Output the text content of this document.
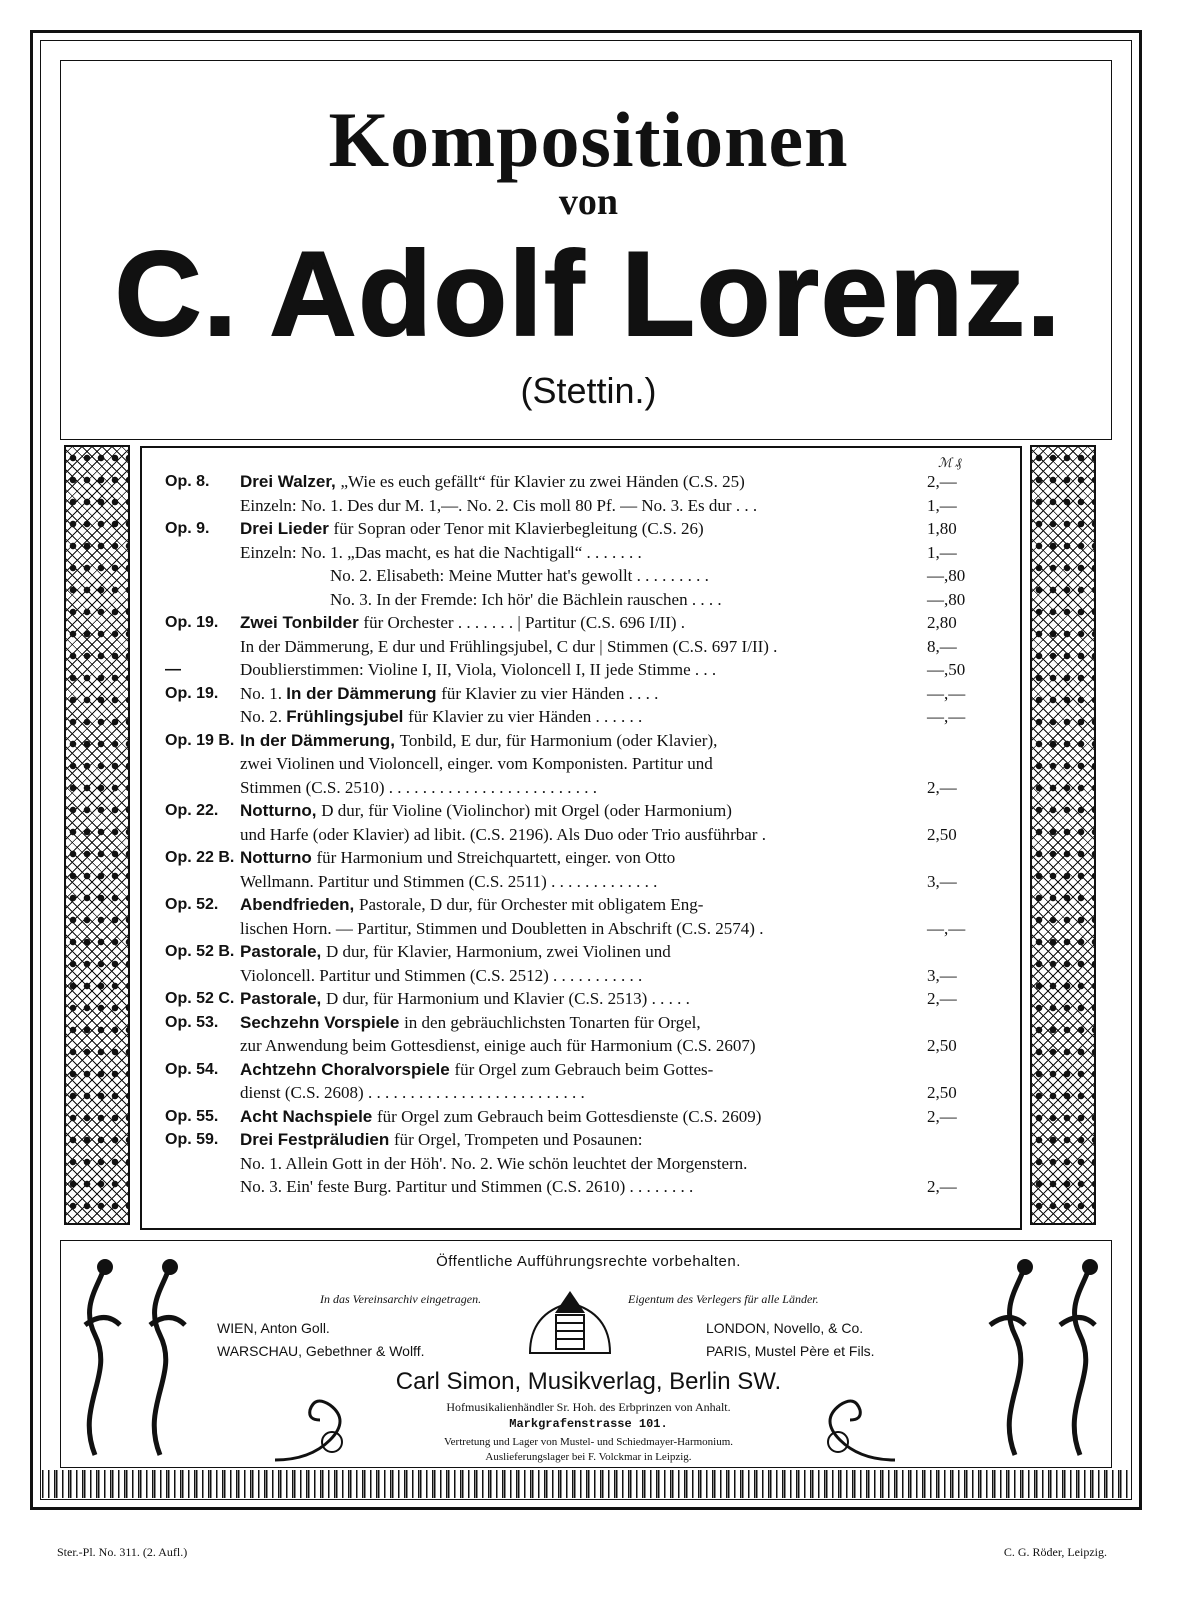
Kompositionen
von
C. Adolf Lorenz.
(Stettin.)
ℳ ₰
Op. 8. Drei Walzer, „Wie es euch gefällt“ für Klavier zu zwei Händen (C.S. 25)	2,—
Einzeln: No. 1. Des dur M. 1,—. No. 2. Cis moll 80 Pf. — No. 3. Es dur . . .	1,—
Op. 9. Drei Lieder für Sopran oder Tenor mit Klavierbegleitung (C.S. 26)	1,80
Einzeln: No. 1. „Das macht, es hat die Nachtigall“ . . . . . . .	1,—
No. 2. Elisabeth: Meine Mutter hat's gewollt . . . . . . . . .	—,80
No. 3. In der Fremde: Ich hör' die Bächlein rauschen . . . .	—,80
Op. 19. Zwei Tonbilder für Orchester . . . . . . . | Partitur (C.S. 696 I/II) .	2,80
In der Dämmerung, E dur und Frühlingsjubel, C dur | Stimmen (C.S. 697 I/II) .	8,—
—	Doublierstimmen: Violine I, II, Viola, Violoncell I, II jede Stimme . . .	—,50
Op. 19. No. 1. In der Dämmerung für Klavier zu vier Händen . . . .	—,—
No. 2. Frühlingsjubel für Klavier zu vier Händen . . . . . .	—,—
Op. 19 B. In der Dämmerung, Tonbild, E dur, für Harmonium (oder Klavier),
zwei Violinen und Violoncell, einger. vom Komponisten. Partitur und
Stimmen (C.S. 2510) . . . . . . . . . . . . . . . . . . . . . . . . .	2,—
Op. 22. Notturno, D dur, für Violine (Violinchor) mit Orgel (oder Harmonium)
und Harfe (oder Klavier) ad libit. (C.S. 2196). Als Duo oder Trio ausführbar .	2,50
Op. 22 B. Notturno für Harmonium und Streichquartett, einger. von Otto
Wellmann. Partitur und Stimmen (C.S. 2511) . . . . . . . . . . . . .	3,—
Op. 52. Abendfrieden, Pastorale, D dur, für Orchester mit obligatem Eng-
lischen Horn. — Partitur, Stimmen und Doubletten in Abschrift (C.S. 2574) .	—,—
Op. 52 B. Pastorale, D dur, für Klavier, Harmonium, zwei Violinen und
Violoncell. Partitur und Stimmen (C.S. 2512) . . . . . . . . . . .	3,—
Op. 52 C. Pastorale, D dur, für Harmonium und Klavier (C.S. 2513) . . . . .	2,—
Op. 53. Sechzehn Vorspiele in den gebräuchlichsten Tonarten für Orgel,
zur Anwendung beim Gottesdienst, einige auch für Harmonium (C.S. 2607)	2,50
Op. 54. Achtzehn Choralvorspiele für Orgel zum Gebrauch beim Gottes-
dienst (C.S. 2608) . . . . . . . . . . . . . . . . . . . . . . . . . .	2,50
Op. 55. Acht Nachspiele für Orgel zum Gebrauch beim Gottesdienste (C.S. 2609)	2,—
Op. 59. Drei Festpräludien für Orgel, Trompeten und Posaunen:
No. 1. Allein Gott in der Höh'. No. 2. Wie schön leuchtet der Morgenstern.
No. 3. Ein' feste Burg. Partitur und Stimmen (C.S. 2610) . . . . . . . .	2,—
Öffentliche Aufführungsrechte vorbehalten.
In das Vereinsarchiv eingetragen.	Eigentum des Verlegers für alle Länder.
WIEN, Anton Goll.
WARSCHAU, Gebethner & Wolff.
LONDON, Novello, & Co.
PARIS, Mustel Père et Fils.
Carl Simon, Musikverlag, Berlin SW.
Hofmusikalienhändler Sr. Hoh. des Erbprinzen von Anhalt.
Markgrafenstrasse 101.
Vertretung und Lager von Mustel- und Schiedmayer-Harmonium.
Auslieferungslager bei F. Volckmar in Leipzig.
Ster.-Pl. No. 311. (2. Aufl.)	C. G. Röder, Leipzig.
